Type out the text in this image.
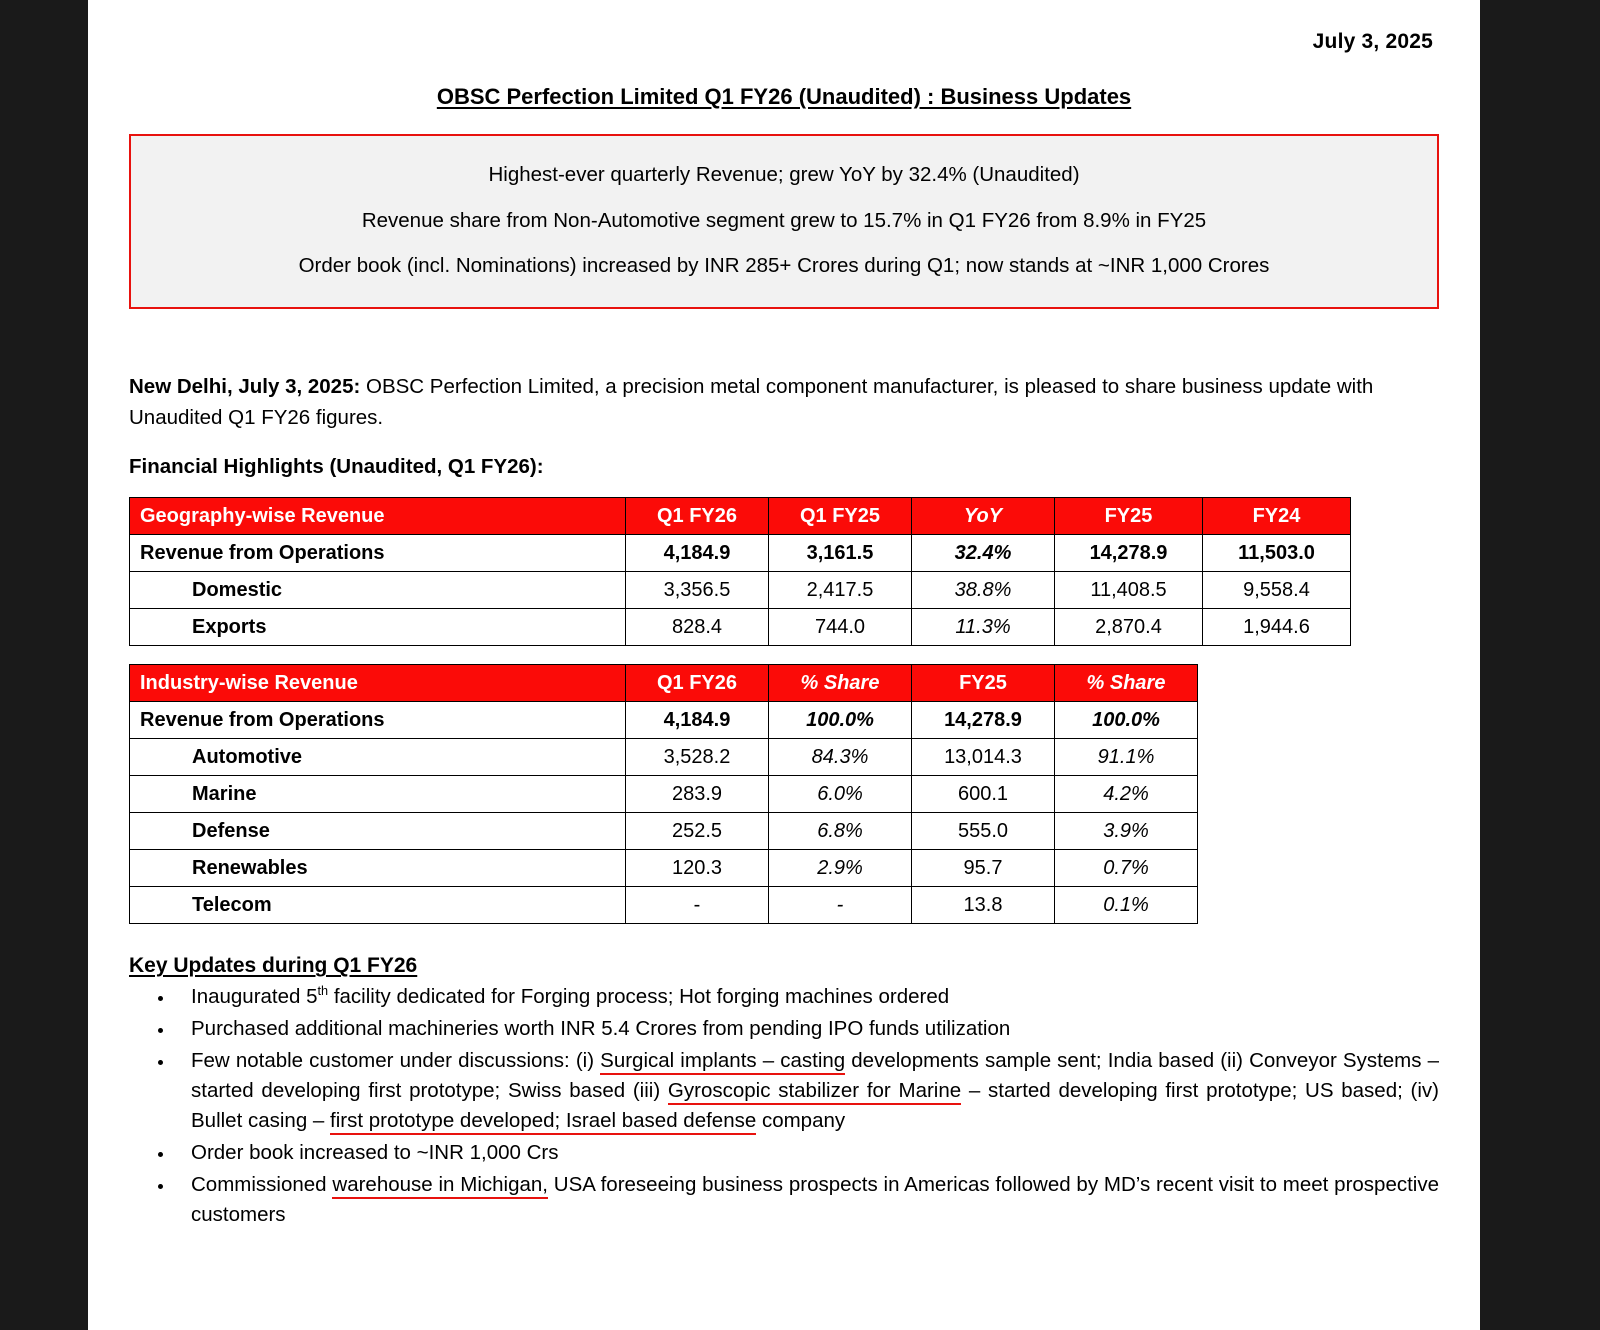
July 3, 2025
OBSC Perfection Limited Q1 FY26 (Unaudited) : Business Updates

Highest-ever quarterly Revenue; grew YoY by 32.4% (Unaudited)

Revenue share from Non-Automotive segment grew to 15.7% in Q1 FY26 from 8.9% in FY25

Order book (incl. Nominations) increased by INR 285+ Crores during Q1; now stands at ~INR 1,000 Crores

New Delhi, July 3, 2025: OBSC Perfection Limited, a precision metal component manufacturer, is pleased to share business update with Unaudited Q1 FY26 figures.
Financial Highlights (Unaudited, Q1 FY26):
Geography-wise Revenue	Q1 FY26	Q1 FY25	YoY	FY25	FY24
Revenue from Operations	4,184.9	3,161.5	32.4%	14,278.9	11,503.0
Domestic	3,356.5	2,417.5	38.8%	11,408.5	9,558.4
Exports	828.4	744.0	11.3%	2,870.4	1,944.6
Industry-wise Revenue	Q1 FY26	% Share	FY25	% Share
Revenue from Operations	4,184.9	100.0%	14,278.9	100.0%
Automotive	3,528.2	84.3%	13,014.3	91.1%
Marine	283.9	6.0%	600.1	4.2%
Defense	252.5	6.8%	555.0	3.9%
Renewables	120.3	2.9%	95.7	0.7%
Telecom	-	-	13.8	0.1%
Key Updates during Q1 FY26
• Inaugurated 5th facility dedicated for Forging process; Hot forging machines ordered
• Purchased additional machineries worth INR 5.4 Crores from pending IPO funds utilization
• Few notable customer under discussions: (i) Surgical implants – casting developments sample sent; India based (ii) Conveyor Systems – started developing first prototype; Swiss based (iii) Gyroscopic stabilizer for Marine – started developing first prototype; US based; (iv) Bullet casing – first prototype developed; Israel based defense company
• Order book increased to ~INR 1,000 Crs
• Commissioned warehouse in Michigan, USA foreseeing business prospects in Americas followed by MD’s recent visit to meet prospective customers
